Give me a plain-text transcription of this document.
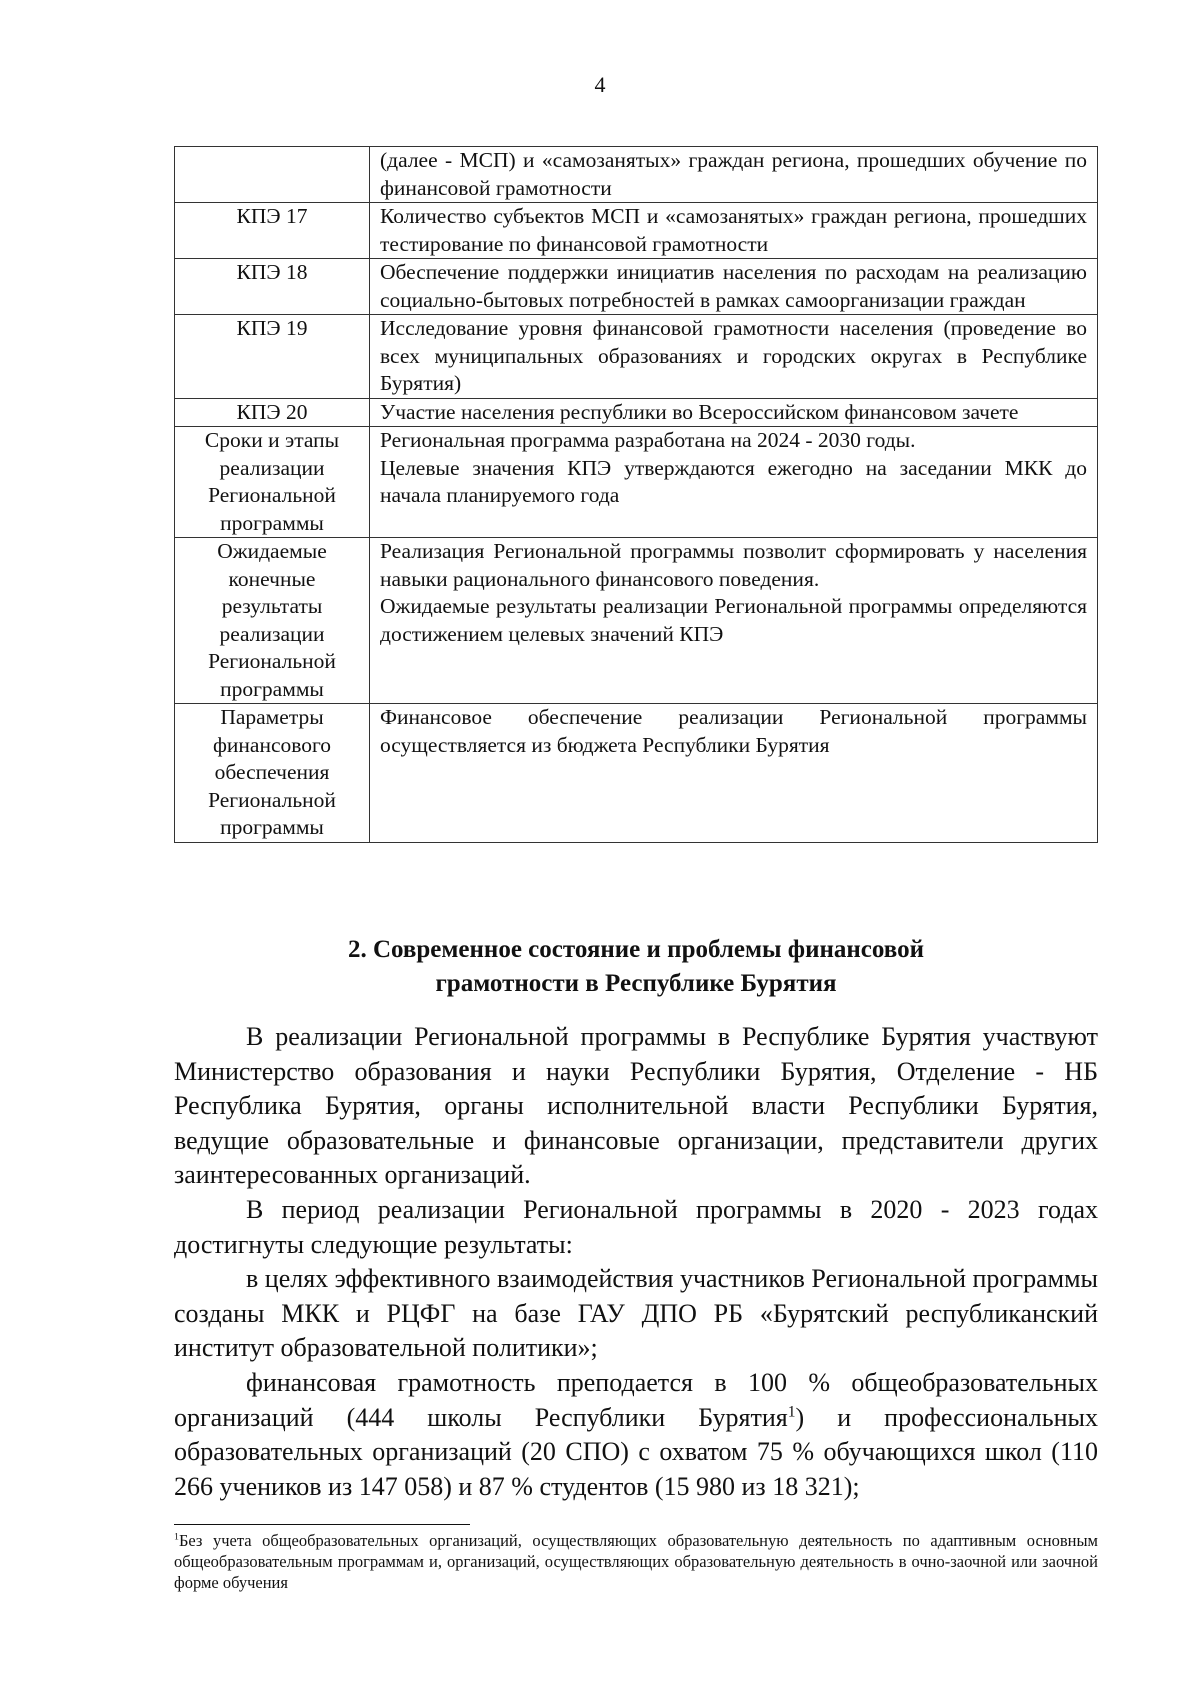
4

	(далее - МСП) и «самозанятых» граждан региона, прошедших обучение по финансовой грамотности

КПЭ 17	Количество субъектов МСП и «самозанятых» граждан региона, прошедших тестирование по финансовой грамотности

КПЭ 18	Обеспечение поддержки инициатив населения по расходам на реализацию социально-бытовых потребностей в рамках самоорганизации граждан

КПЭ 19	Исследование уровня финансовой грамотности населения (проведение во всех муниципальных образованиях и городских округах в Республике Бурятия)

КПЭ 20	Участие населения республики во Всероссийском финансовом зачете

Сроки и этапы реализации Региональной программы	Региональная программа разработана на 2024 - 2030 годы.
Целевые значения КПЭ утверждаются ежегодно на заседании МКК до начала планируемого года

Ожидаемые конечные результаты реализации Региональной программы	Реализация Региональной программы позволит сформировать у населения навыки рационального финансового поведения.
Ожидаемые результаты реализации Региональной программы определяются достижением целевых значений КПЭ

Параметры финансового обеспечения Региональной программы	Финансовое обеспечение реализации Региональной программы осуществляется из бюджета Республики Бурятия
2. Современное состояние и проблемы финансовой
грамотности в Республике Бурятия

В реализации Региональной программы в Республике Бурятия участвуют Министерство образования и науки Республики Бурятия, Отделение - НБ Республика Бурятия, органы исполнительной власти Республики Бурятия, ведущие образовательные и финансовые организации, представители других заинтересованных организаций.

В период реализации Региональной программы в 2020 - 2023 годах достигнуты следующие результаты:

в целях эффективного взаимодействия участников Региональной программы созданы МКК и РЦФГ на базе ГАУ ДПО РБ «Бурятский республиканский институт образовательной политики»;

финансовая грамотность преподается в 100 % общеобразовательных организаций (444 школы Республики Бурятия$^1$) и профессиональных образовательных организаций (20 СПО) с охватом 75 % обучающихся школ (110 266 учеников из 147 058) и 87 % студентов (15 980 из 18 321);

$^1$Без учета общеобразовательных организаций, осуществляющих образовательную деятельность по адаптивным основным общеобразовательным программам и, организаций, осуществляющих образовательную деятельность в очно-заочной или заочной форме обучения
